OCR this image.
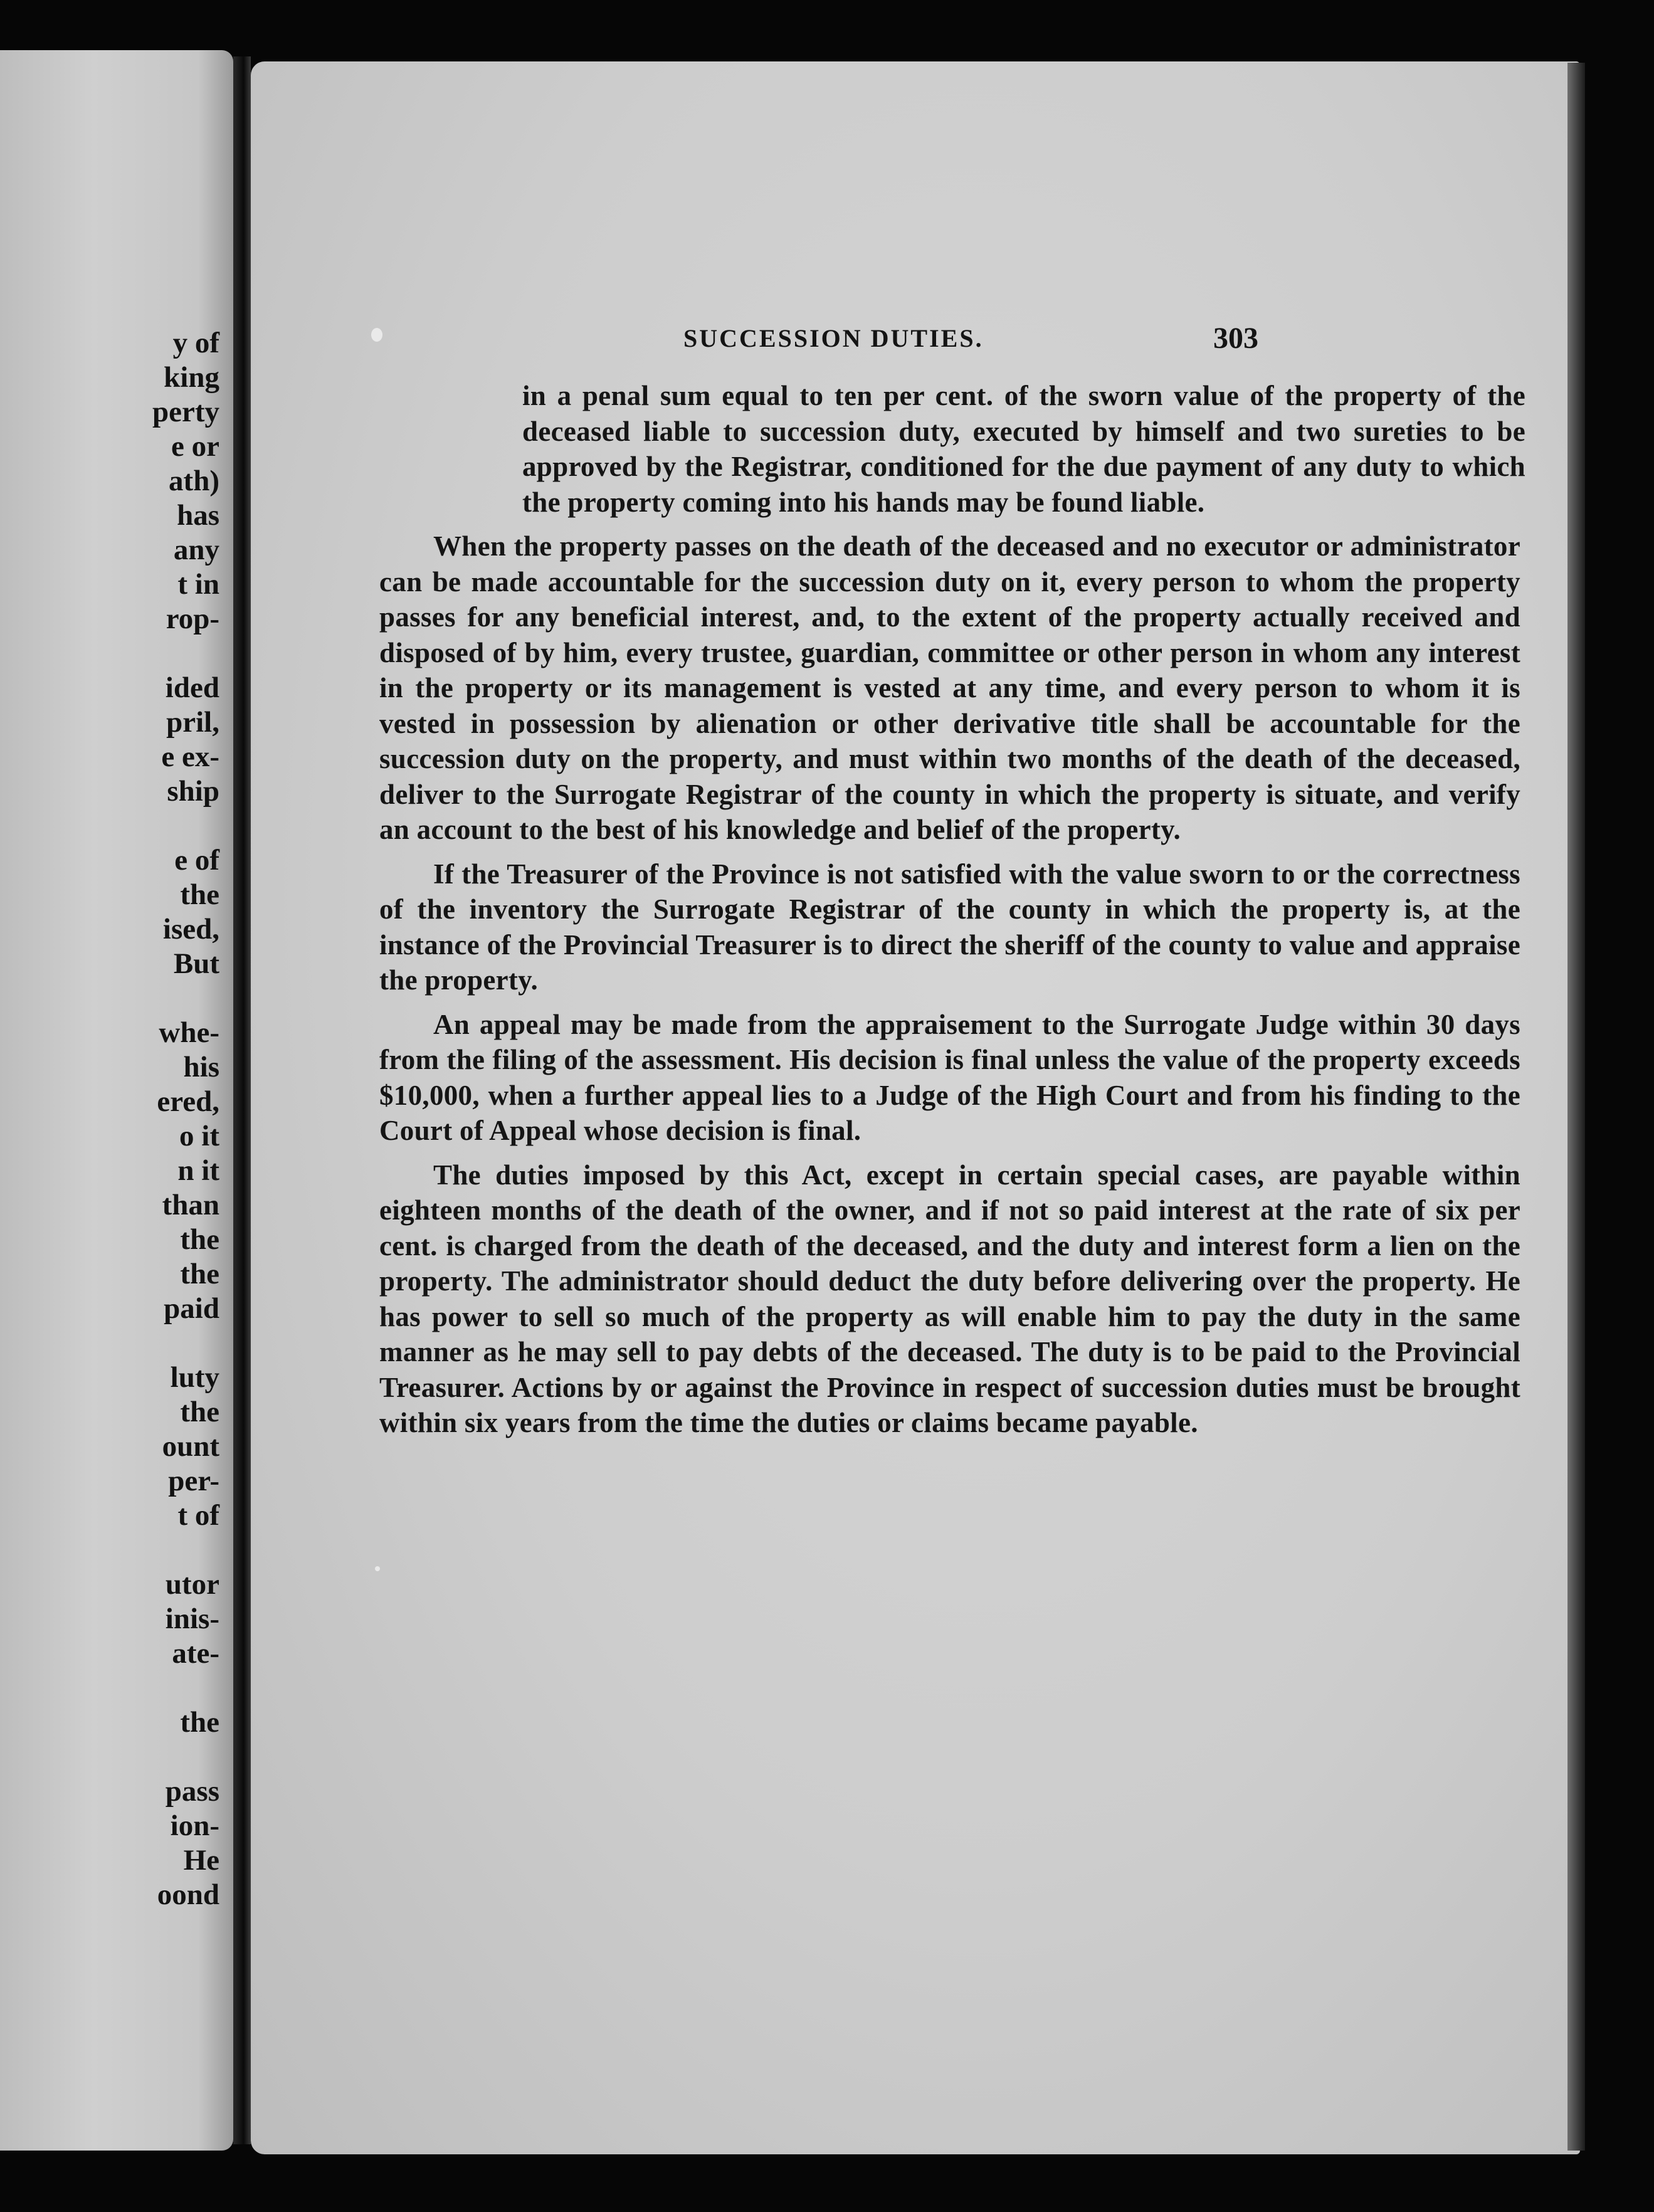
y of
king
perty
e or
ath)
has
any
t in
rop-
ided
pril,
e ex-
ship
e of
the
ised,
But
whe-
his
ered,
o it
n it
than
the
the
paid
luty
the
ount
per-
t of
utor
inis-
ate-
the
pass
ion-
He
oond
SUCCESSION DUTIES.	303

in a penal sum equal to ten per cent. of the sworn value of the property of the deceased liable to succession duty, executed by himself and two sureties to be approved by the Registrar, conditioned for the due payment of any duty to which the property coming into his hands may be found liable.

When the property passes on the death of the deceased and no executor or administrator can be made accountable for the succession duty on it, every person to whom the property passes for any beneficial interest, and, to the extent of the property actually received and disposed of by him, every trustee, guardian, committee or other person in whom any interest in the property or its management is vested at any time, and every person to whom it is vested in possession by alienation or other derivative title shall be accountable for the succession duty on the property, and must within two months of the death of the deceased, deliver to the Surrogate Registrar of the county in which the property is situate, and verify an account to the best of his knowledge and belief of the property.

If the Treasurer of the Province is not satisfied with the value sworn to or the correctness of the inventory the Surrogate Registrar of the county in which the property is, at the instance of the Provincial Treasurer is to direct the sheriff of the county to value and appraise the property.

An appeal may be made from the appraisement to the Surrogate Judge within 30 days from the filing of the assessment. His decision is final unless the value of the property exceeds $10,000, when a further appeal lies to a Judge of the High Court and from his finding to the Court of Appeal whose decision is final.

The duties imposed by this Act, except in certain special cases, are payable within eighteen months of the death of the owner, and if not so paid interest at the rate of six per cent. is charged from the death of the deceased, and the duty and interest form a lien on the property. The administrator should deduct the duty before delivering over the property. He has power to sell so much of the property as will enable him to pay the duty in the same manner as he may sell to pay debts of the deceased. The duty is to be paid to the Provincial Treasurer. Actions by or against the Province in respect of succession duties must be brought within six years from the time the duties or claims became payable.
